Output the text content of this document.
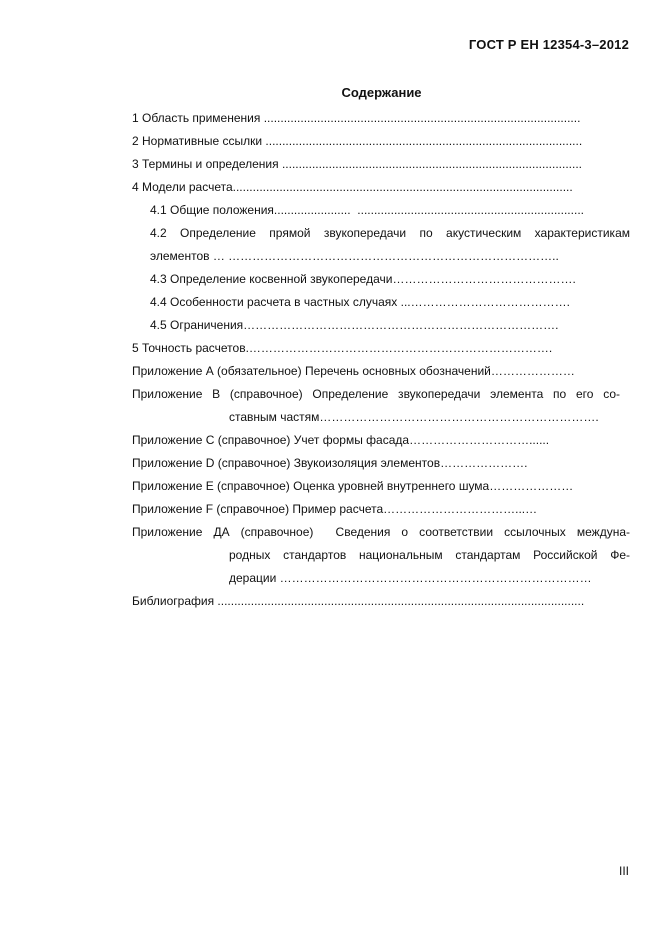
ГОСТ Р ЕН 12354-3–2012
Содержание
1 Область применения ...............................................................................................
2 Нормативные ссылки ...............................................................................................
3 Термины и определения ..........................................................................................
4 Модели расчета......................................................................................................
4.1 Общие положения.......................  ....................................................................
4.2 Определение прямой звукопередачи по акустическим характеристикам
элементов … ………………………………………………………………………..
4.3 Определение косвенной звукопередачи……………………………………….
4.4 Особенности расчета в частных случаях ...………………………………….
4.5 Ограничения…………………………………………………………………….
5 Точность расчетов.………………………………………………………………….
Приложение А (обязательное) Перечень основных обозначений…………………
Приложение В (справочное) Определение звукопередачи элемента по его со-
ставным частям…………………………………………………………….
Приложение С (справочное) Учет формы фасада…………………………......
Приложение D (справочное) Звукоизоляция элементов………………….
Приложение Е (справочное) Оценка уровней внутреннего шума…………………
Приложение F (справочное) Пример расчета……………………………...…
Приложение ДА (справочное)  Сведения о соответствии ссылочных междуна-
родных стандартов национальным стандартам Российской Фе-
дерации ……………………………………………………………………
Библиография ..............................................................................................................
III
